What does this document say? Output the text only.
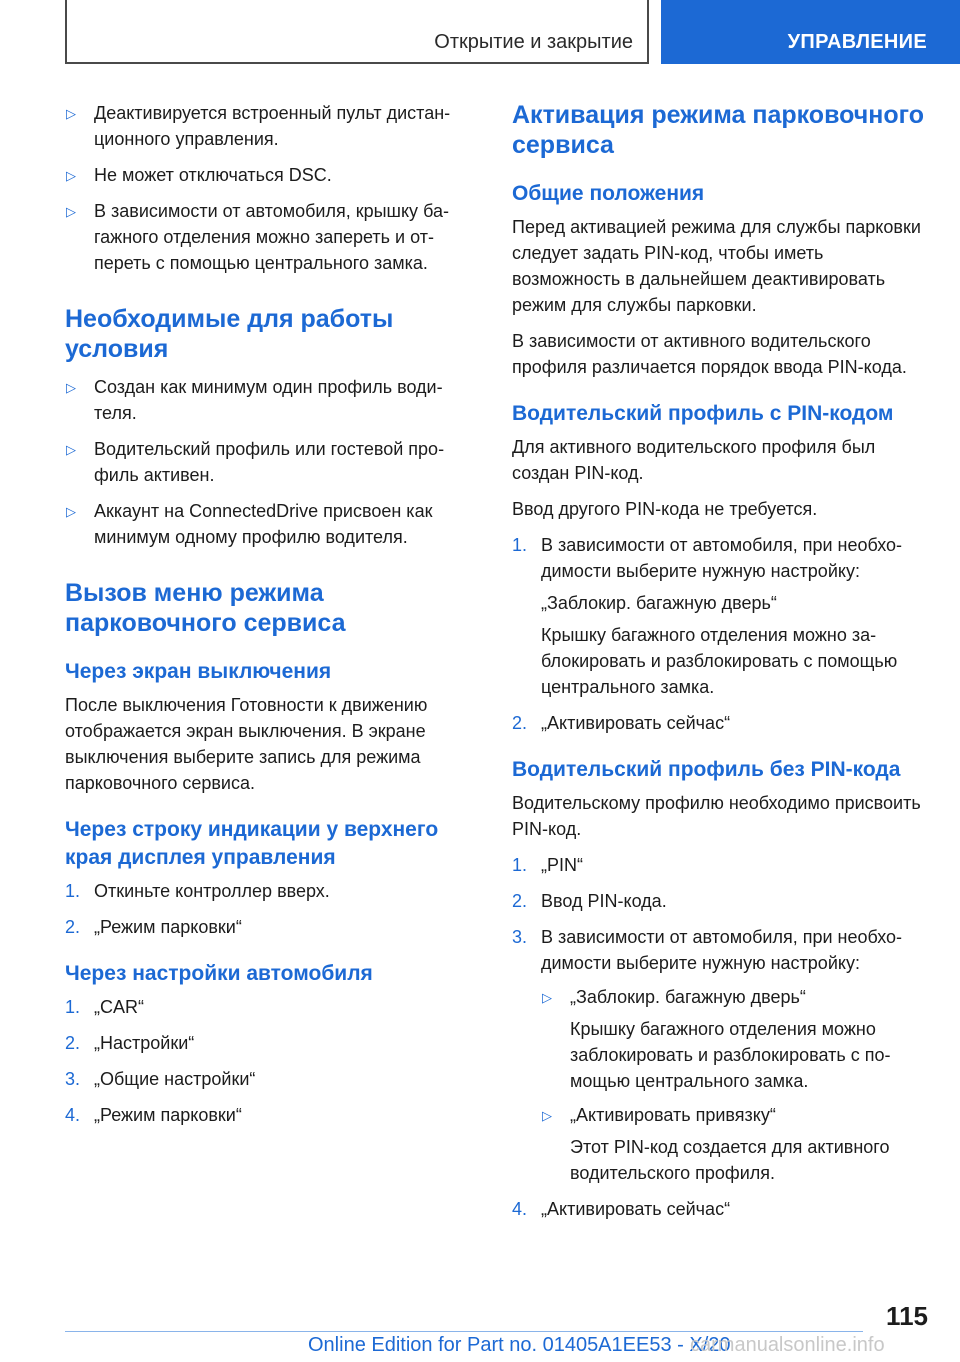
Открытие и закрытие	УПРАВЛЕНИЕ
▷ Деактивируется встроенный пульт дистанционного управления.
▷ Не может отключаться DSC.
▷ В зависимости от автомобиля, крышку багажного отделения можно запереть и отпереть с помощью центрального замка.
Необходимые для работы условия
▷ Создан как минимум один профиль водителя.
▷ Водительский профиль или гостевой профиль активен.
▷ Аккаунт на ConnectedDrive присвоен как минимум одному профилю водителя.
Вызов меню режима парковочного сервиса
Через экран выключения
После выключения Готовности к движению отображается экран выключения. В экране выключения выберите запись для режима парковочного сервиса.
Через строку индикации у верхнего края дисплея управления
1. Откиньте контроллер вверх.
2. „Режим парковки“
Через настройки автомобиля
1. „CAR“
2. „Настройки“
3. „Общие настройки“
4. „Режим парковки“
Активация режима парковочного сервиса
Общие положения
Перед активацией режима для службы парковки следует задать PIN-код, чтобы иметь возможность в дальнейшем деактивировать режим для службы парковки.
В зависимости от активного водительского профиля различается порядок ввода PIN-кода.
Водительский профиль с PIN-кодом
Для активного водительского профиля был создан PIN-код.
Ввод другого PIN-кода не требуется.
1. В зависимости от автомобиля, при необходимости выберите нужную настройку:
„Заблокир. багажную дверь“
Крышку багажного отделения можно заблокировать и разблокировать с помощью центрального замка.
2. „Активировать сейчас“
Водительский профиль без PIN-кода
Водительскому профилю необходимо присвоить PIN-код.
1. „PIN“
2. Ввод PIN-кода.
3. В зависимости от автомобиля, при необходимости выберите нужную настройку:
▷ „Заблокир. багажную дверь“
Крышку багажного отделения можно заблокировать и разблокировать с помощью центрального замка.
▷ „Активировать привязку“
Этот PIN-код создается для активного водительского профиля.
4. „Активировать сейчас“
115
Online Edition for Part no. 01405A1EE53 - X/20
carmanualsonline.info
